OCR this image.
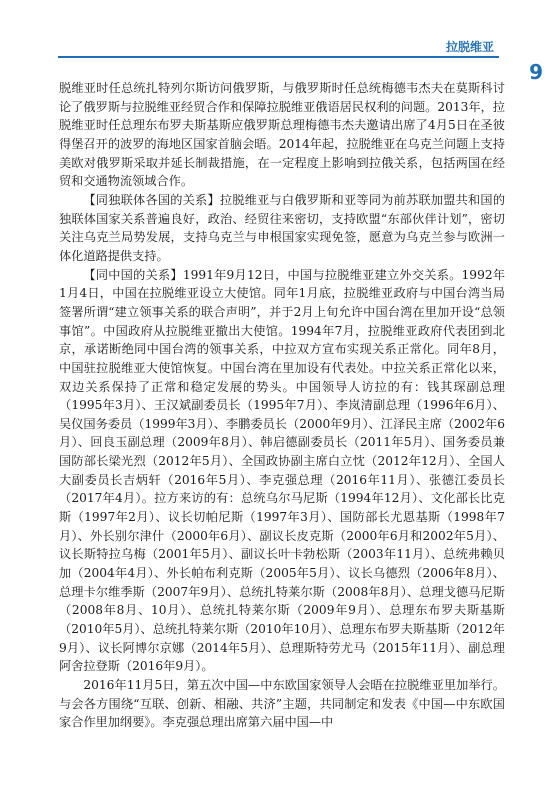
拉脱维亚
9

脱维亚时任总统扎特列尔斯访问俄罗斯，与俄罗斯时任总统梅德韦杰夫在莫斯科讨论了俄罗斯与拉脱维亚经贸合作和保障拉脱维亚俄语居民权利的问题。2013年，拉脱维亚时任总理东布罗夫斯基斯应俄罗斯总理梅德韦杰夫邀请出席了4月5日在圣彼得堡召开的波罗的海地区国家首脑会晤。2014年起，拉脱维亚在乌克兰问题上支持美欧对俄罗斯采取并延长制裁措施，在一定程度上影响到拉俄关系，包括两国在经贸和交通物流领域合作。

【同独联体各国的关系】拉脱维亚与白俄罗斯和亚等同为前苏联加盟共和国的独联体国家关系普遍良好，政治、经贸往来密切，支持欧盟“东部伙伴计划”，密切关注乌克兰局势发展，支持乌克兰与申根国家实现免签，愿意为乌克兰参与欧洲一体化道路提供支持。

【同中国的关系】1991年9月12日，中国与拉脱维亚建立外交关系。1992年1月4日，中国在拉脱维亚设立大使馆。同年1月底，拉脱维亚政府与中国台湾当局签署所谓“建立领事关系的联合声明”，并于2月上旬允许中国台湾在里加开设“总领事馆”。中国政府从拉脱维亚撤出大使馆。1994年7月，拉脱维亚政府代表团到北京，承诺断绝同中国台湾的领事关系，中拉双方宣布实现关系正常化。同年8月，中国驻拉脱维亚大使馆恢复。中国台湾在里加设有代表处。中拉关系正常化以来，双边关系保持了正常和稳定发展的势头。中国领导人访拉的有：钱其琛副总理（1995年3月）、王汉斌副委员长（1995年7月）、李岚清副总理（1996年6月）、吴仪国务委员（1999年3月）、李鹏委员长（2000年9月）、江泽民主席（2002年6月）、回良玉副总理（2009年8月）、韩启德副委员长（2011年5月）、国务委员兼国防部长梁光烈（2012年5月）、全国政协副主席白立忱（2012年12月）、全国人大副委员长吉炳轩（2016年5月）、李克强总理（2016年11月）、张德江委员长（2017年4月）。拉方来访的有：总统乌尔马尼斯（1994年12月）、文化部长比克斯（1997年2月）、议长切帕尼斯（1997年3月）、国防部长尤恩基斯（1998年7月）、外长别尔津什（2000年6月）、副议长皮克斯（2000年6月和2002年5月）、议长斯特拉乌梅（2001年5月）、副议长叶卡勃松斯（2003年11月）、总统弗赖贝加（2004年4月）、外长帕布利克斯（2005年5月）、议长乌德烈（2006年8月）、总理卡尔维季斯（2007年9月）、总统扎特莱尔斯（2008年8月）、总理戈德马尼斯（2008年8月、10月）、总统扎特莱尔斯（2009年9月）、总理东布罗夫斯基斯（2010年5月）、总统扎特莱尔斯（2010年10月）、总理东布罗夫斯基斯（2012年9月）、议长阿博尔京娜（2014年5月）、总理斯特劳尤马（2015年11月）、副总理阿舍拉登斯（2016年9月）。

2016年11月5日，第五次中国—中东欧国家领导人会晤在拉脱维亚里加举行。与会各方围绕“互联、创新、相融、共济”主题，共同制定和发表《中国—中东欧国家合作里加纲要》。李克强总理出席第六届中国—中
